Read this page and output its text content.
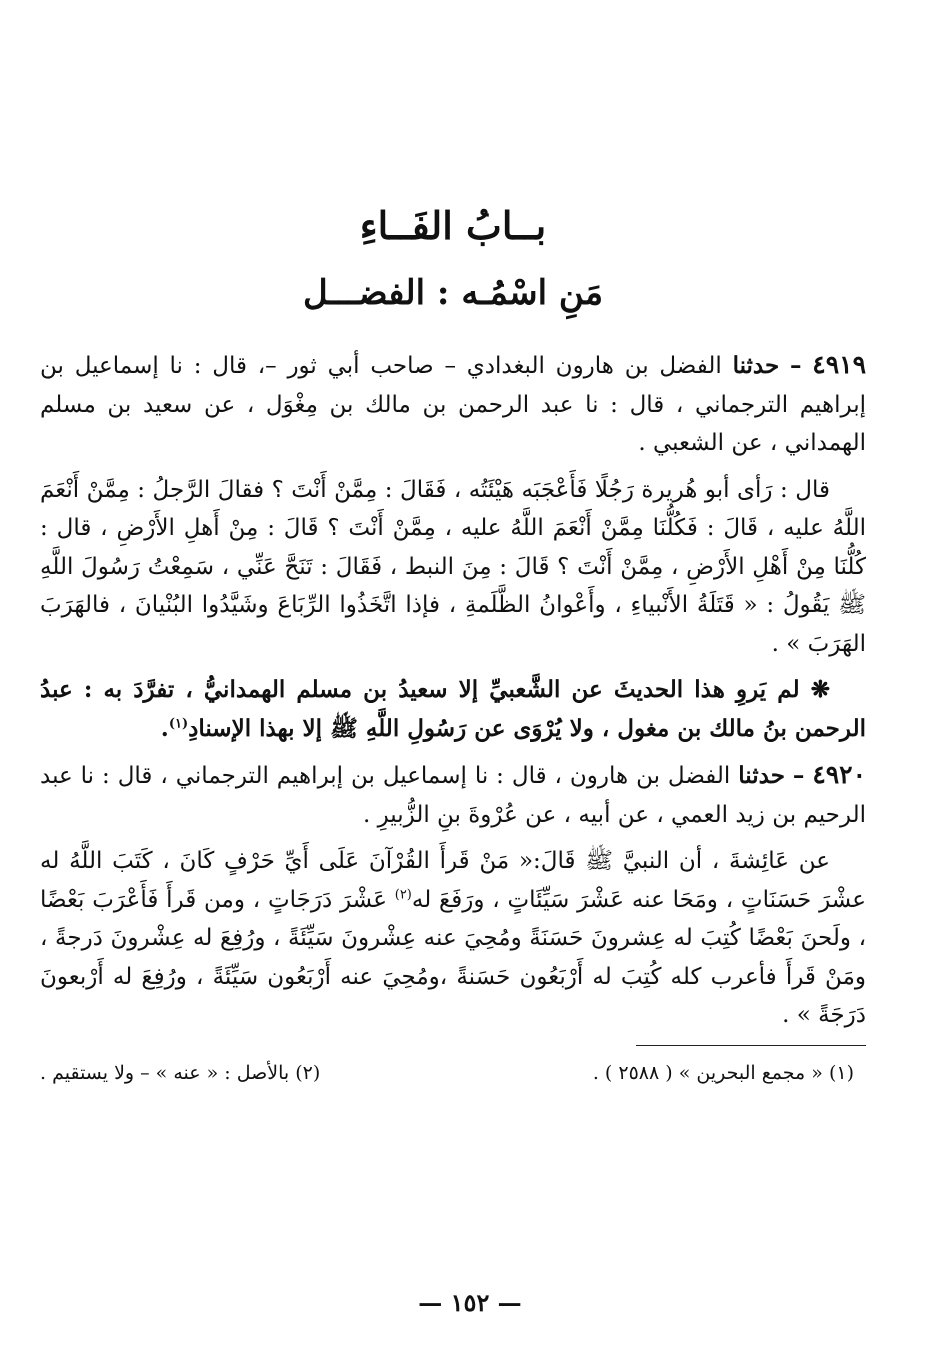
بــابُ الفَــاءِ
مَنِ اسْمُـه : الفضـــل

٤٩١٩ – حدثنا الفضل بن هارون البغدادي – صاحب أبي ثور –، قال : نا إسماعيل بن إبراهيم الترجماني ، قال : نا عبد الرحمن بن مالك بن مِغْوَل ، عن سعيد بن مسلم الهمداني ، عن الشعبي .

قال : رَأى أبو هُريرة رَجُلًا فَأَعْجَبَه هَيْئَتُه ، فَقَالَ : مِمَّنْ أَنْتَ ؟ فقالَ الرَّجلُ : مِمَّنْ أَنْعَمَ اللَّهُ عليه ، قَالَ : فَكُلُّنَا مِمَّنْ أَنْعَمَ اللَّهُ عليه ، مِمَّنْ أَنْتَ ؟ قَالَ : مِنْ أَهلِ الأَرْضِ ، قال : كُلُّنَا مِنْ أَهْلِ الأَرْضِ ، مِمَّنْ أَنْتَ ؟ قَالَ : مِنَ النبط ، فَقَالَ : تَنَحَّ عَنِّي ، سَمِعْتُ رَسُولَ اللَّهِ ﷺ يَقُولُ : « قَتَلَةُ الأَنْبياءِ ، وأَعْوانُ الظَّلَمةِ ، فإذا اتَّخَذُوا الرِّبَاعَ وشَيَّدُوا البُنْيانَ ، فالهَرَبَ الهَرَبَ » .

❋ لم يَروِ هذا الحديثَ عن الشَّعبيِّ إلا سعيدُ بن مسلم الهمدانيُّ ، تفرَّدَ به : عبدُ الرحمن بنُ مالك بن مغول ، ولا يُرْوَى عن رَسُولِ اللَّهِ ﷺ إلا بهذا الإسنادِ$^{(١)}$.

٤٩٢٠ – حدثنا الفضل بن هارون ، قال : نا إسماعيل بن إبراهيم الترجماني ، قال : نا عبد الرحيم بن زيد العمي ، عن أبيه ، عن عُرْوةَ بنِ الزُّبيرِ .

عن عَائِشةَ ، أن النبيَّ ﷺ قَالَ:« مَنْ قَرأَ القُرْآنَ عَلَى أَيِّ حَرْفٍ كَانَ ، كَتَبَ اللَّهُ له عشْرَ حَسَنَاتٍ ، ومَحَا عنه عَشْرَ سَيِّئَاتٍ ، ورَفَعَ له$^{(٢)}$ عَشْرَ دَرَجَاتٍ ، ومن قَرأَ فَأَعْرَبَ بَعْضًا ، ولَحنَ بَعْضًا كُتِبَ له عِشرونَ حَسَنَةً ومُحِيَ عنه عِشْرونَ سَيِّئَةً ، ورُفِعَ له عِشْرونَ دَرجةً ، ومَنْ قَرأَ فأعرب كله كُتِبَ له أَرْبَعُون حَسَنةً ،ومُحِيَ عنه أَرْبَعُون سَيِّئَةً ، ورُفِعَ له أَرْبعونَ دَرَجَةً » .

(١) « مجمع البحرين » ( ٢٥٨٨ ) .
(٢) بالأصل : « عنه » – ولا يستقيم .
— ١٥٢ —
